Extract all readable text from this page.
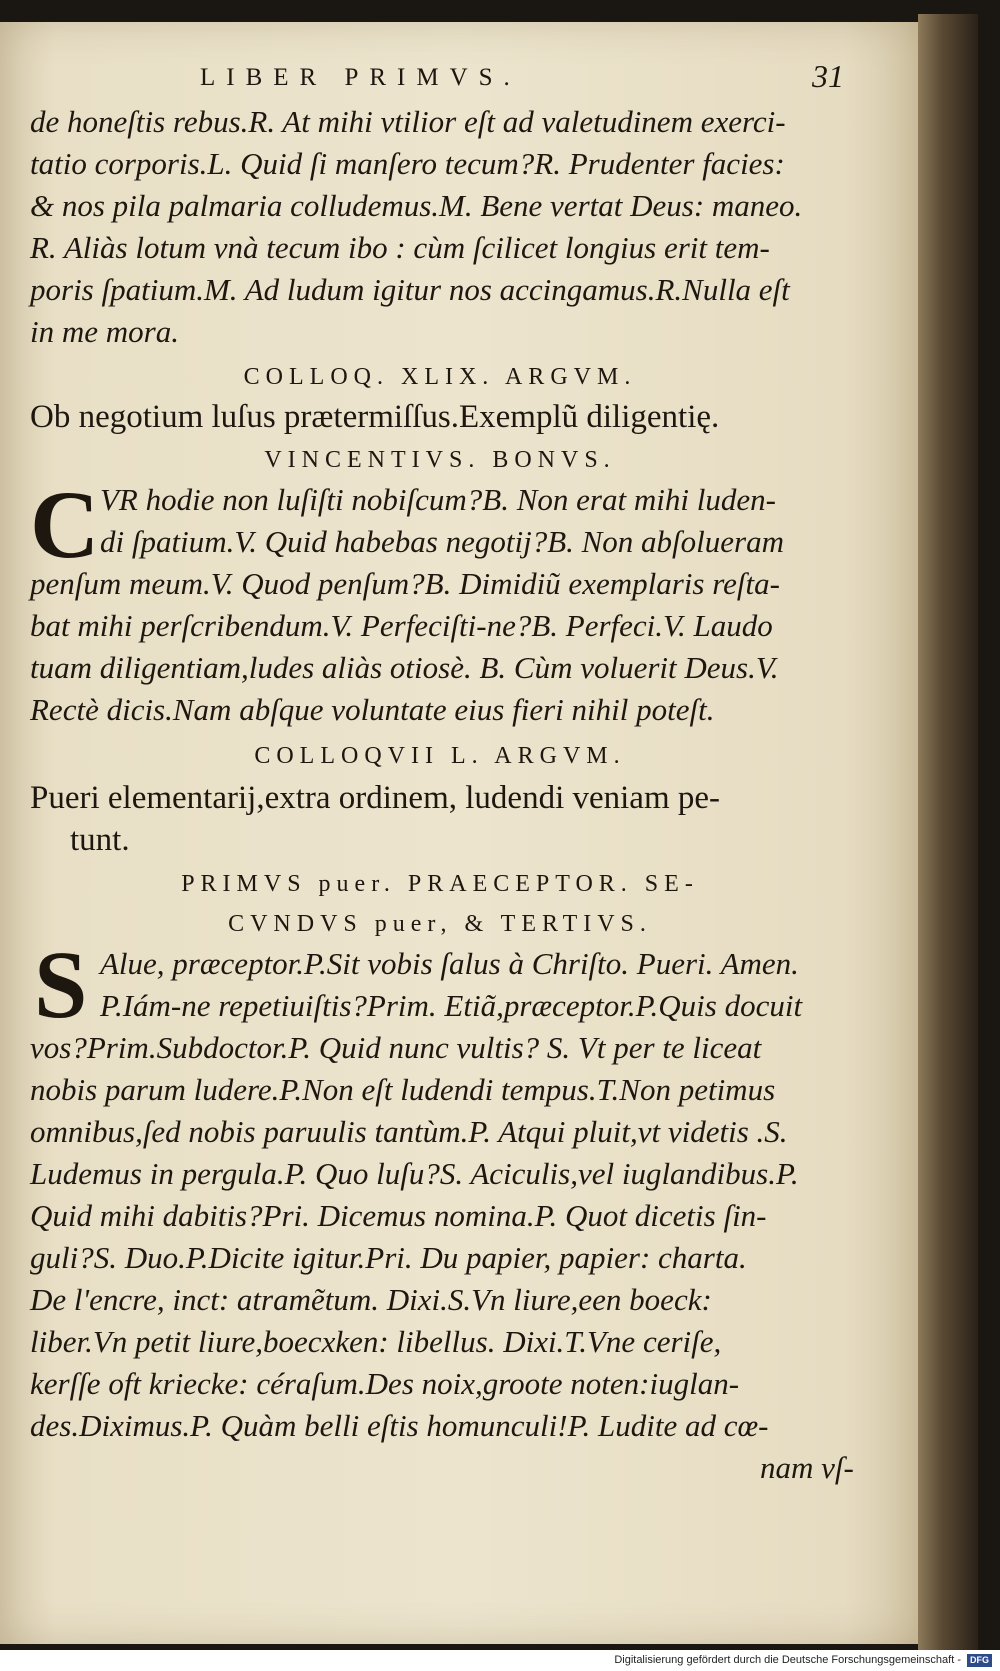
LIBER PRIMVS.	31
de honeſtis rebus.R. At mihi vtilior eſt ad valetudinem exerci-
tatio corporis.L. Quid ſi manſero tecum?R. Prudenter facies:
& nos pila palmaria colludemus.M. Bene vertat Deus: maneo.
R. Aliàs lotum vnà tecum ibo : cùm ſcilicet longius erit tem-
poris ſpatium.M. Ad ludum igitur nos accingamus.R.Nulla eſt
in me mora.
COLLOQ. XLIX. ARGVM.
Ob negotium luſus prætermiſſus.Exemplũ diligentię.
VINCENTIVS. BONVS.
C VR hodie non luſiſti nobiſcum?B. Non erat mihi luden-
di ſpatium.V. Quid habebas negotij?B. Non abſolueram
penſum meum.V. Quod penſum?B. Dimidiũ exemplaris reſta-
bat mihi perſcribendum.V. Perfeciſti-ne?B. Perfeci.V. Laudo
tuam diligentiam,ludes aliàs otiosè. B. Cùm voluerit Deus.V.
Rectè dicis.Nam abſque voluntate eius fieri nihil poteſt.
COLLOQVII L. ARGVM.
Pueri elementarij,extra ordinem, ludendi veniam pe-
tunt.
PRIMVS puer. PRAECEPTOR. SE-
CVNDVS puer, & TERTIVS.
S Alue, præceptor.P.Sit vobis ſalus à Chriſto. Pueri. Amen.
P.Iám-ne repetiuiſtis?Prim. Etiã,præceptor.P.Quis docuit
vos?Prim.Subdoctor.P. Quid nunc vultis? S. Vt per te liceat
nobis parum ludere.P.Non eſt ludendi tempus.T.Non petimus
omnibus,ſed nobis paruulis tantùm.P. Atqui pluit,vt videtis .S.
Ludemus in pergula.P. Quo luſu?S. Aciculis,vel iuglandibus.P.
Quid mihi dabitis?Pri. Dicemus nomina.P. Quot dicetis ſin-
guli?S. Duo.P.Dicite igitur.Pri. Du papier, papier: charta.
De l'encre, inct: atramẽtum. Dixi.S.Vn liure,een boeck:
liber.Vn petit liure,boecxken: libellus. Dixi.T.Vne ceriſe,
kerſſe oft krieckе: céraſum.Des noix,groote noten:iuglan-
des.Diximus.P. Quàm belli eſtis homunculi!P. Ludite ad cœ-
nam vſ-
Digitalisierung gefördert durch die Deutsche Forschungsgemeinschaft - DFG
